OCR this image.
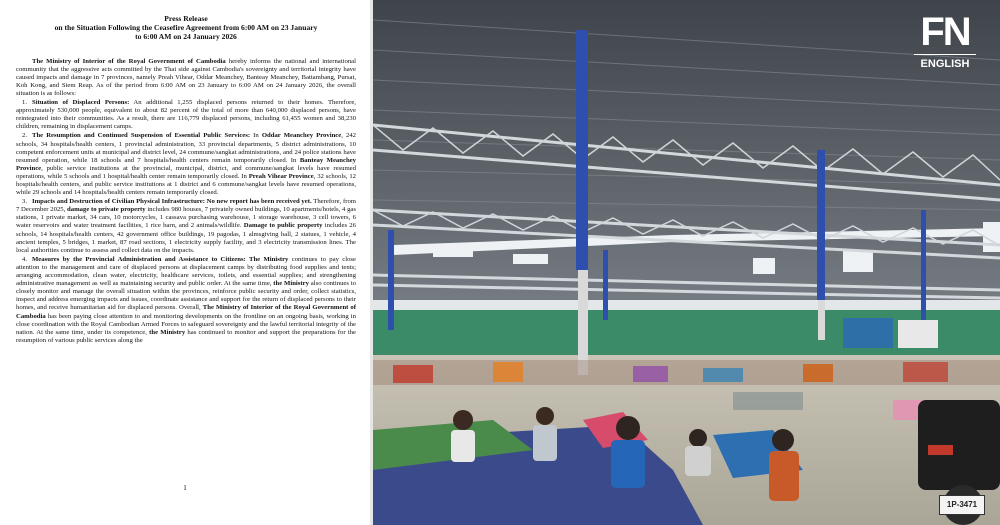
Press Release
on the Situation Following the Ceasefire Agreement from 6:00 AM on 23 January
to 6:00 AM on 24 January 2026

The Ministry of Interior of the Royal Government of Cambodia hereby informs the national and international community that the aggressive acts committed by the Thai side against Cambodia's sovereignty and territorial integrity have caused impacts and damage in 7 provinces, namely Preah Vihear, Oddar Meanchey, Banteay Meanchey, Battambang, Pursat, Koh Kong, and Siem Reap. As of the period from 6:00 AM on 23 January to 6:00 AM on 24 January 2026, the overall situation is as follows:

1. Situation of Displaced Persons: An additional 1,255 displaced persons returned to their homes. Therefore, approximately 530,000 people, equivalent to about 82 percent of the total of more than 640,000 displaced persons, have reintegrated into their communities. As a result, there are 116,779 displaced persons, including 61,455 women and 38,230 children, remaining in displacement camps.

2. The Resumption and Continued Suspension of Essential Public Services: In Oddar Meanchey Province, 242 schools, 34 hospitals/health centers, 1 provincial administration, 33 provincial departments, 5 district administrations, 10 competent enforcement units at municipal and district level, 24 commune/sangkat administrations, and 24 police stations have resumed operation, while 18 schools and 7 hospitals/health centers remain temporarily closed. In Banteay Meanchey Province, public service institutions at the provincial, municipal, district, and commune/sangkat levels have resumed operations, while 5 schools and 1 hospital/health center remain temporarily closed. In Preah Vihear Province, 32 schools, 12 hospitals/health centers, and public service institutions at 1 district and 6 commune/sangkat levels have resumed operations, while 29 schools and 14 hospitals/health centers remain temporarily closed.

3. Impacts and Destruction of Civilian Physical Infrastructure: No new report has been received yet. Therefore, from 7 December 2025, damage to private property includes 980 houses, 7 privately owned buildings, 10 apartments/hotels, 4 gas stations, 1 private market, 34 cars, 10 motorcycles, 1 cassava purchasing warehouse, 1 storage warehouse, 3 cell towers, 6 water reservoirs and water treatment facilities, 1 rice barn, and 2 animals/wildlife. Damage to public property includes 26 schools, 14 hospitals/health centers, 42 government office buildings, 19 pagodas, 1 almsgiving hall, 2 statues, 1 vehicle, 4 ancient temples, 5 bridges, 1 market, 87 road sections, 1 electricity supply facility, and 3 electricity transmission lines. The local authorities continue to assess and collect data on the impacts.

4. Measures by the Provincial Administration and Assistance to Citizens: The Ministry continues to pay close attention to the management and care of displaced persons at displacement camps by distributing food supplies and tents; arranging accommodation, clean water, electricity, healthcare services, toilets, and essential supplies; and strengthening administrative management as well as maintaining security and public order. At the same time, the Ministry also continues to closely monitor and manage the overall situation within the provinces, reinforce public security and order, collect statistics, inspect and address emerging impacts and issues, coordinate assistance and support for the return of displaced persons to their homes, and receive humanitarian aid for displaced persons. Overall, The Ministry of Interior of the Royal Government of Cambodia has been paying close attention to and monitoring developments on the frontline on an ongoing basis, working in close coordination with the Royal Cambodian Armed Forces to safeguard sovereignty and the lawful territorial integrity of the nation. At the same time, under its competence, the Ministry has continued to monitor and support the preparations for the resumption of various public services along the

1
FN
ENGLISH
1P-3471
